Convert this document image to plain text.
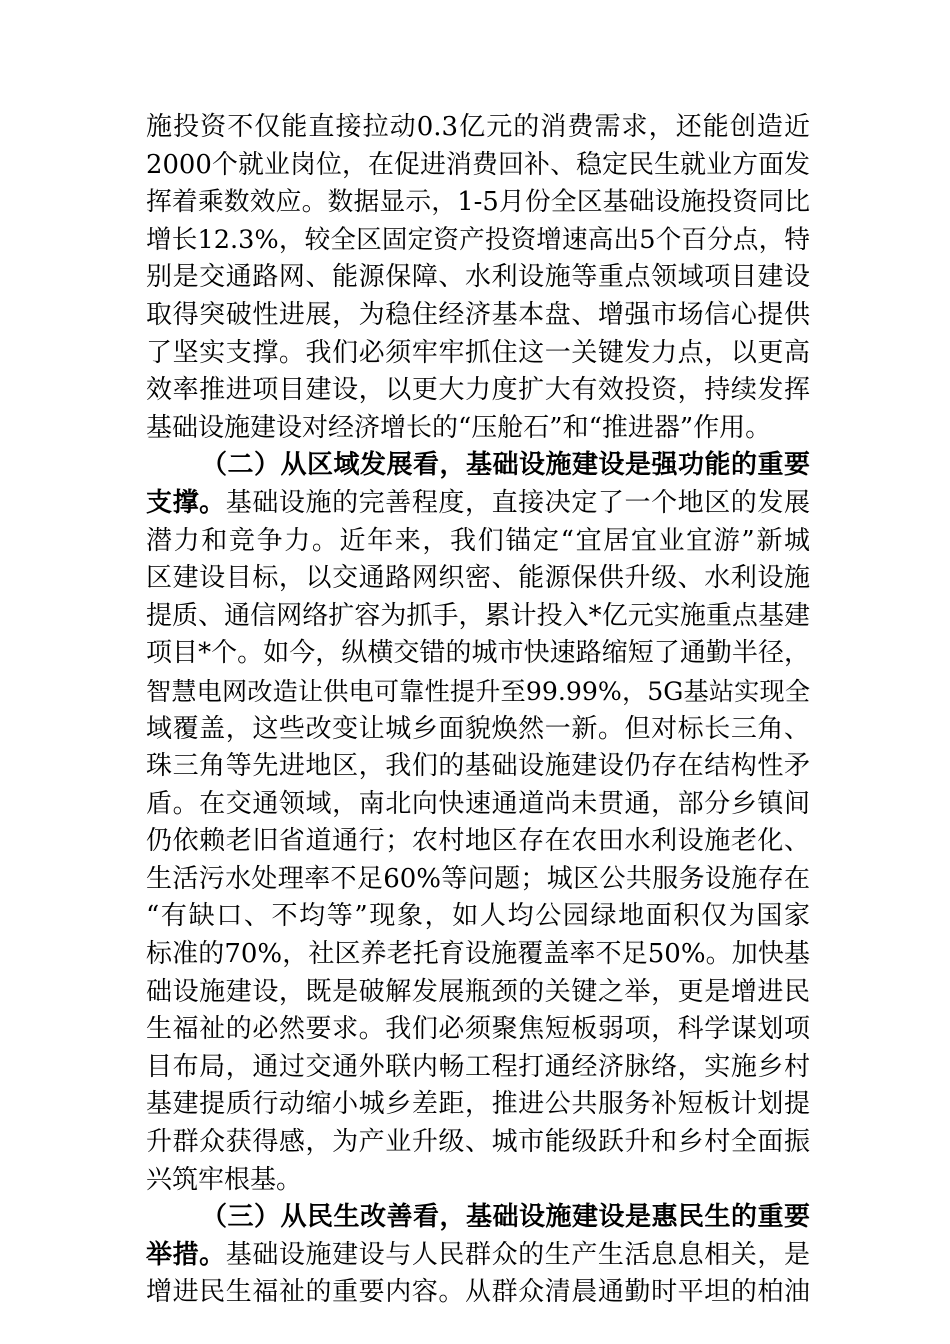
施投资不仅能直接拉动0.3亿元的消费需求，还能创造近
2000个就业岗位，在促进消费回补、稳定民生就业方面发
挥着乘数效应。数据显示，1-5月份全区基础设施投资同比
增长12.3%，较全区固定资产投资增速高出5个百分点，特
别是交通路网、能源保障、水利设施等重点领域项目建设
取得突破性进展，为稳住经济基本盘、增强市场信心提供
了坚实支撑。我们必须牢牢抓住这一关键发力点，以更高
效率推进项目建设，以更大力度扩大有效投资，持续发挥
基础设施建设对经济增长的“压舱石”和“推进器”作用。
（二）从区域发展看，基础设施建设是强功能的重要
支撑。基础设施的完善程度，直接决定了一个地区的发展
潜力和竞争力。近年来，我们锚定“宜居宜业宜游”新城
区建设目标，以交通路网织密、能源保供升级、水利设施
提质、通信网络扩容为抓手，累计投入*亿元实施重点基建
项目*个。如今，纵横交错的城市快速路缩短了通勤半径，
智慧电网改造让供电可靠性提升至99.99%，5G基站实现全
域覆盖，这些改变让城乡面貌焕然一新。但对标长三角、
珠三角等先进地区，我们的基础设施建设仍存在结构性矛
盾。在交通领域，南北向快速通道尚未贯通，部分乡镇间
仍依赖老旧省道通行；农村地区存在农田水利设施老化、
生活污水处理率不足60%等问题；城区公共服务设施存在
“有缺口、不均等”现象，如人均公园绿地面积仅为国家
标准的70%，社区养老托育设施覆盖率不足50%。加快基
础设施建设，既是破解发展瓶颈的关键之举，更是增进民
生福祉的必然要求。我们必须聚焦短板弱项，科学谋划项
目布局，通过交通外联内畅工程打通经济脉络，实施乡村
基建提质行动缩小城乡差距，推进公共服务补短板计划提
升群众获得感，为产业升级、城市能级跃升和乡村全面振
兴筑牢根基。
（三）从民生改善看，基础设施建设是惠民生的重要
举措。基础设施建设与人民群众的生产生活息息相关，是
增进民生福祉的重要内容。从群众清晨通勤时平坦的柏油
